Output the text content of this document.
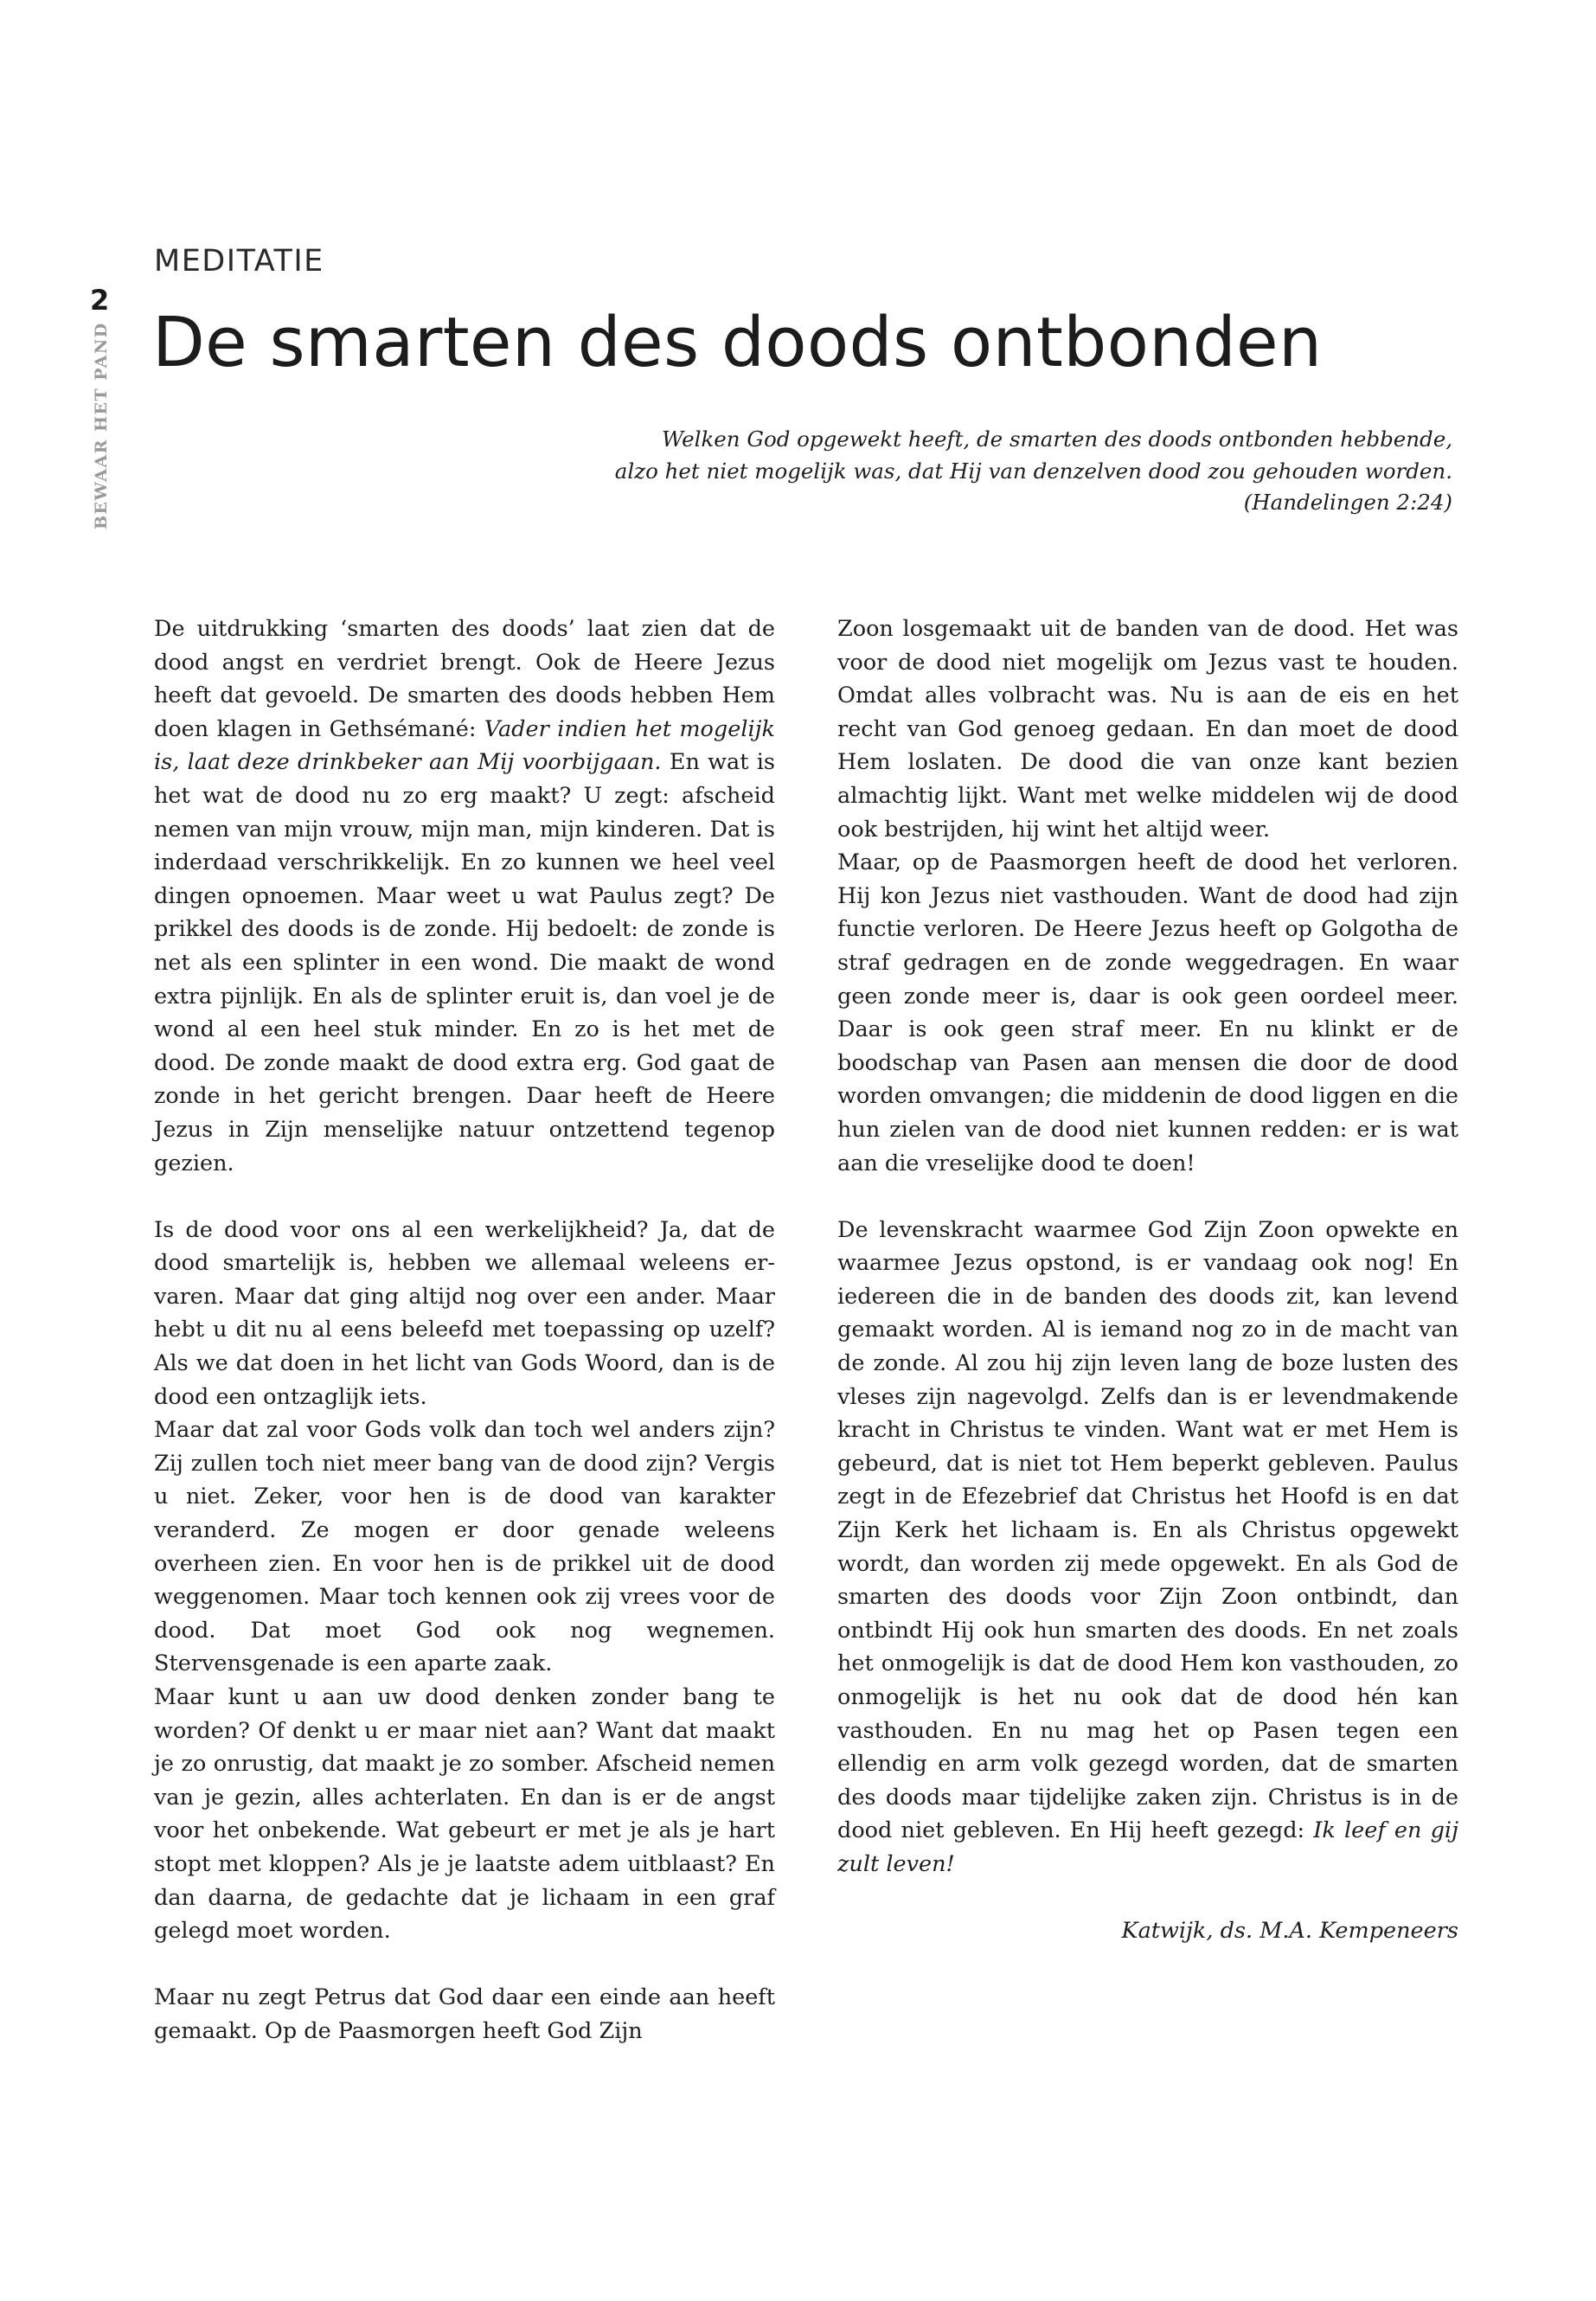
2
BEWAAR HET PAND
MEDITATIE
De smarten des doods ontbonden
Welken God opgewekt heeft, de smarten des doods ontbonden hebbende,
alzo het niet mogelijk was, dat Hij van denzelven dood zou gehouden worden.
(Handelingen 2:24)

De uitdrukking ‘smarten des doods’ laat zien dat de dood angst en verdriet brengt. Ook de Heere Jezus heeft dat gevoeld. De smarten des doods hebben Hem doen klagen in Gethsémané: Vader indien het mogelijk is, laat deze drinkbeker aan Mij voorbijgaan. En wat is het wat de dood nu zo erg maakt? U zegt: afscheid nemen van mijn vrouw, mijn man, mijn kinderen. Dat is inderdaad verschrikkelijk. En zo kunnen we heel veel dingen opnoemen. Maar weet u wat Paulus zegt? De prikkel des doods is de zonde. Hij bedoelt: de zonde is net als een splinter in een wond. Die maakt de wond extra pijnlijk. En als de splinter eruit is, dan voel je de wond al een heel stuk minder. En zo is het met de dood. De zonde maakt de dood extra erg. God gaat de zonde in het gericht brengen. Daar heeft de Heere Jezus in Zijn menselijke natuur ontzettend tegenop gezien.

Is de dood voor ons al een werkelijkheid? Ja, dat de dood smartelijk is, hebben we allemaal weleens ervaren. Maar dat ging altijd nog over een ander. Maar hebt u dit nu al eens beleefd met toepassing op uzelf? Als we dat doen in het licht van Gods Woord, dan is de dood een ontzaglijk iets.

Maar dat zal voor Gods volk dan toch wel anders zijn? Zij zullen toch niet meer bang van de dood zijn? Vergis u niet. Zeker, voor hen is de dood van karakter veranderd. Ze mogen er door genade weleens overheen zien. En voor hen is de prikkel uit de dood weggenomen. Maar toch kennen ook zij vrees voor de dood. Dat moet God ook nog wegnemen. Stervensgenade is een aparte zaak.

Maar kunt u aan uw dood denken zonder bang te worden? Of denkt u er maar niet aan? Want dat maakt je zo onrustig, dat maakt je zo somber. Afscheid nemen van je gezin, alles achterlaten. En dan is er de angst voor het onbekende. Wat gebeurt er met je als je hart stopt met kloppen? Als je je laatste adem uitblaast? En dan daarna, de gedachte dat je lichaam in een graf gelegd moet worden.

Maar nu zegt Petrus dat God daar een einde aan heeft gemaakt. Op de Paasmorgen heeft God Zijn

Zoon losgemaakt uit de banden van de dood. Het was voor de dood niet mogelijk om Jezus vast te houden. Omdat alles volbracht was. Nu is aan de eis en het recht van God genoeg gedaan. En dan moet de dood Hem loslaten. De dood die van onze kant bezien almachtig lijkt. Want met welke middelen wij de dood ook bestrijden, hij wint het altijd weer.

Maar, op de Paasmorgen heeft de dood het verloren. Hij kon Jezus niet vasthouden. Want de dood had zijn functie verloren. De Heere Jezus heeft op Golgotha de straf gedragen en de zonde weggedragen. En waar geen zonde meer is, daar is ook geen oordeel meer. Daar is ook geen straf meer. En nu klinkt er de boodschap van Pasen aan mensen die door de dood worden omvangen; die middenin de dood liggen en die hun zielen van de dood niet kunnen redden: er is wat aan die vreselijke dood te doen!

De levenskracht waarmee God Zijn Zoon opwekte en waarmee Jezus opstond, is er vandaag ook nog! En iedereen die in de banden des doods zit, kan levend gemaakt worden. Al is iemand nog zo in de macht van de zonde. Al zou hij zijn leven lang de boze lusten des vleses zijn nagevolgd. Zelfs dan is er levendmakende kracht in Christus te vinden. Want wat er met Hem is gebeurd, dat is niet tot Hem beperkt gebleven. Paulus zegt in de Efezebrief dat Christus het Hoofd is en dat Zijn Kerk het lichaam is. En als Christus opgewekt wordt, dan worden zij mede opgewekt. En als God de smarten des doods voor Zijn Zoon ontbindt, dan ontbindt Hij ook hun smarten des doods. En net zoals het onmogelijk is dat de dood Hem kon vasthouden, zo onmogelijk is het nu ook dat de dood hén kan vasthouden. En nu mag het op Pasen tegen een ellendig en arm volk gezegd worden, dat de smarten des doods maar tijdelijke zaken zijn. Christus is in de dood niet gebleven. En Hij heeft gezegd: Ik leef en gij zult leven!

Katwijk, ds. M.A. Kempeneers
